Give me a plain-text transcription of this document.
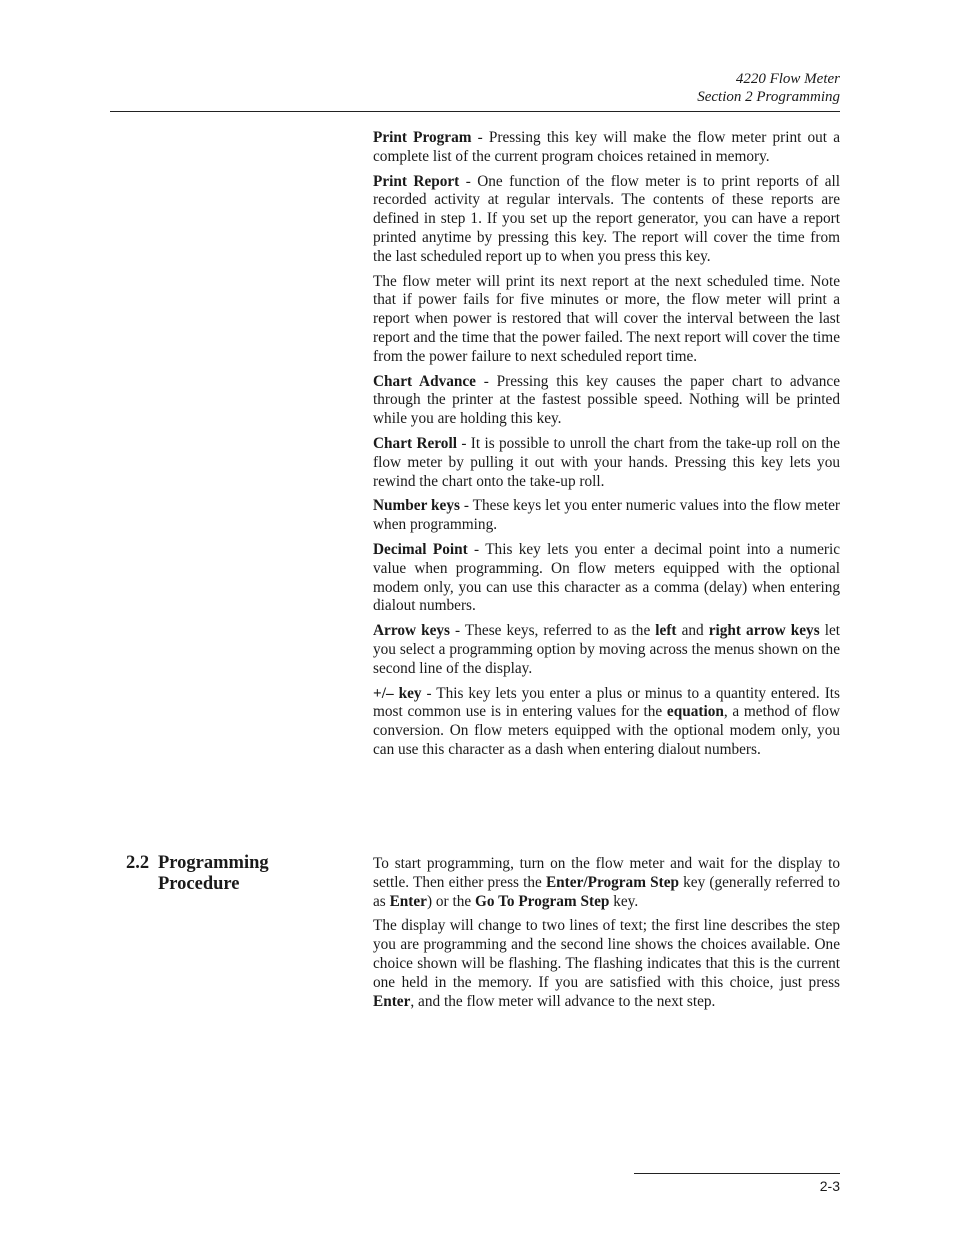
4220 Flow Meter
Section 2 Programming

Print Program - Pressing this key will make the flow meter print out a complete list of the current program choices retained in memory.

Print Report - One function of the flow meter is to print reports of all recorded activity at regular intervals. The contents of these reports are defined in step 1. If you set up the report generator, you can have a report printed anytime by pressing this key. The report will cover the time from the last scheduled report up to when you press this key.

The flow meter will print its next report at the next scheduled time. Note that if power fails for five minutes or more, the flow meter will print a report when power is restored that will cover the interval between the last report and the time that the power failed. The next report will cover the time from the power failure to next scheduled report time.

Chart Advance - Pressing this key causes the paper chart to advance through the printer at the fastest possible speed. Nothing will be printed while you are holding this key.

Chart Reroll - It is possible to unroll the chart from the take-up roll on the flow meter by pulling it out with your hands. Pressing this key lets you rewind the chart onto the take-up roll.

Number keys - These keys let you enter numeric values into the flow meter when programming.

Decimal Point - This key lets you enter a decimal point into a numeric value when programming. On flow meters equipped with the optional modem only, you can use this character as a comma (delay) when entering dialout numbers.

Arrow keys - These keys, referred to as the left and right arrow keys let you select a programming option by moving across the menus shown on the second line of the display.

+/– key - This key lets you enter a plus or minus to a quantity entered. Its most common use is in entering values for the equation, a method of flow conversion. On flow meters equipped with the optional modem only, you can use this character as a dash when entering dialout numbers.

2.2 Programming
Procedure

To start programming, turn on the flow meter and wait for the display to settle. Then either press the Enter/Program Step key (generally referred to as Enter) or the Go To Program Step key.

The display will change to two lines of text; the first line describes the step you are programming and the second line shows the choices available. One choice shown will be flashing. The flashing indicates that this is the current one held in the memory. If you are satisfied with this choice, just press Enter, and the flow meter will advance to the next step.

2-3
